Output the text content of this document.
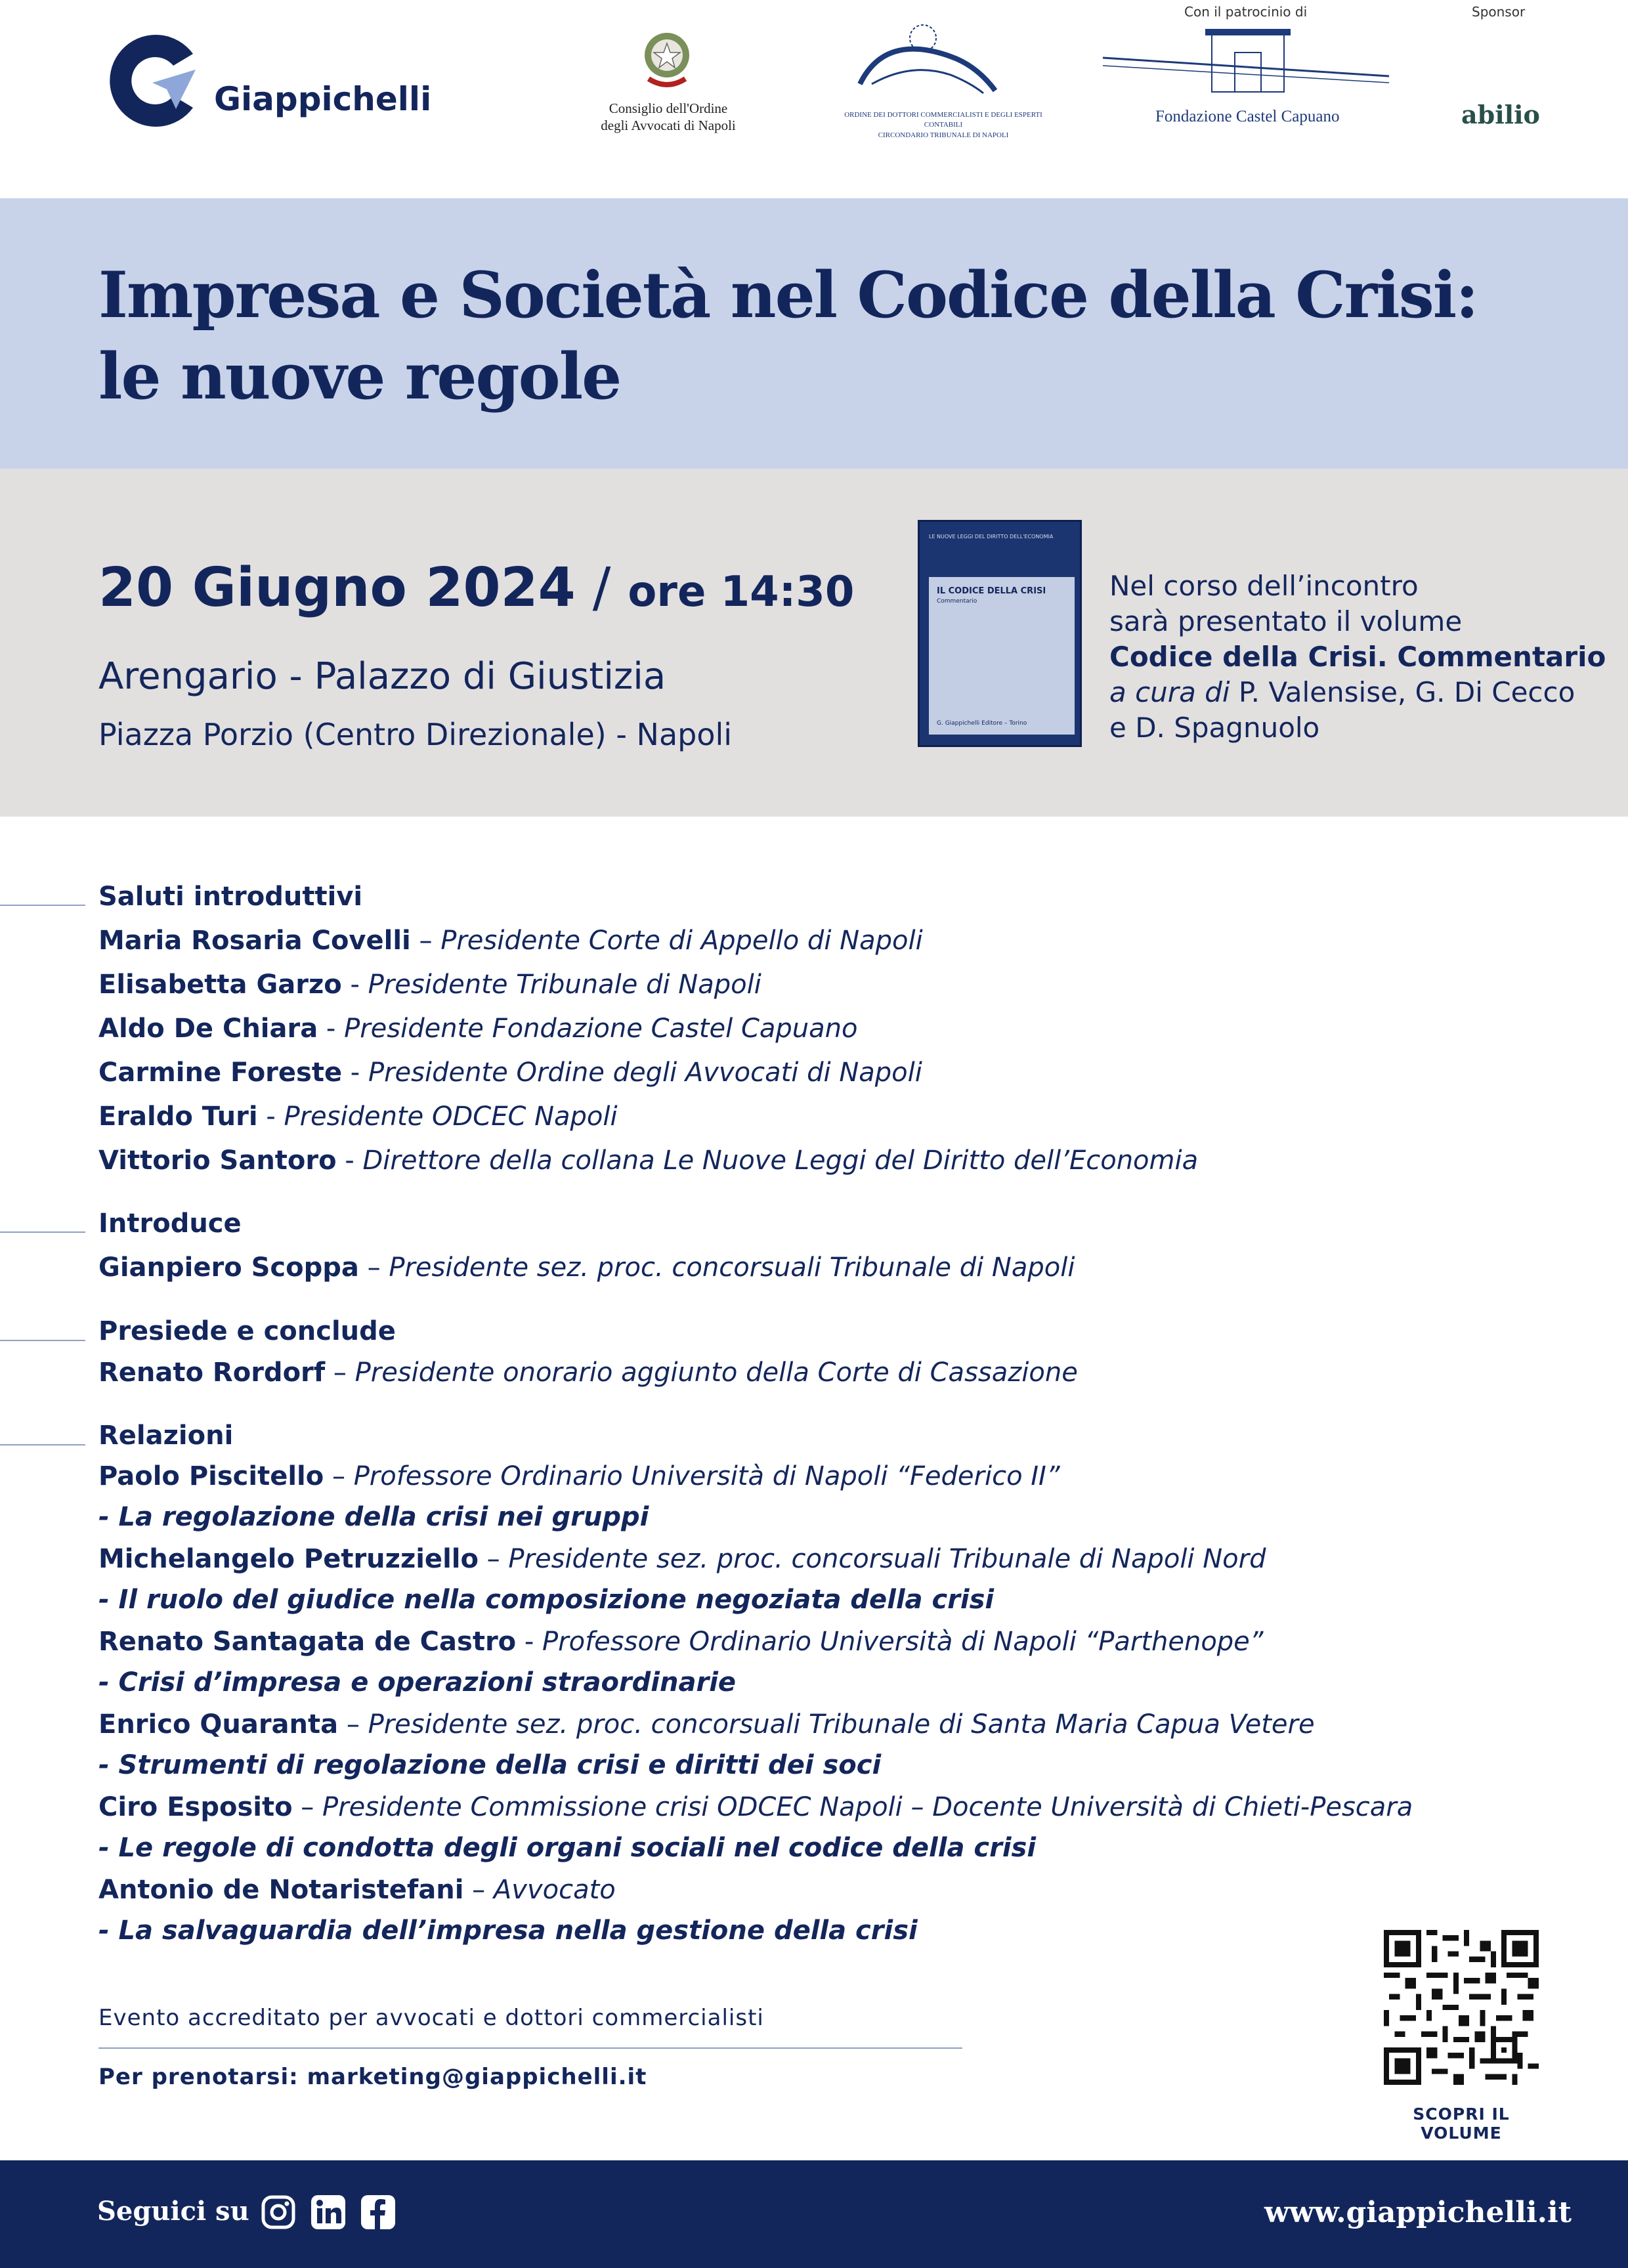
Giappichelli	Consiglio dell'Ordine
degli Avvocati di Napoli
ORDINE DEI DOTTORI COMMERCIALISTI E DEGLI ESPERTI CONTABILI
CIRCONDARIO TRIBUNALE DI NAPOLI
Con il patrocinio di
Fondazione Castel Capuano
Sponsor
abilio
Impresa e Società nel Codice della Crisi:
le nuove regole
20 Giugno 2024 / ore 14:30
Arengario - Palazzo di Giustizia
Piazza Porzio (Centro Direzionale) - Napoli
LE NUOVE LEGGI DEL DIRITTO DELL'ECONOMIA
IL CODICE DELLA CRISI
Commentario
G. Giappichelli Editore – Torino
Nel corso dell’incontro
sarà presentato il volume
Codice della Crisi. Commentario
a cura di P. Valensise, G. Di Cecco
e D. Spagnuolo
Saluti introduttivi
Maria Rosaria Covelli – Presidente Corte di Appello di Napoli
Elisabetta Garzo - Presidente Tribunale di Napoli
Aldo De Chiara - Presidente Fondazione Castel Capuano
Carmine Foreste - Presidente Ordine degli Avvocati di Napoli
Eraldo Turi - Presidente ODCEC Napoli
Vittorio Santoro - Direttore della collana Le Nuove Leggi del Diritto dell’Economia
Introduce
Gianpiero Scoppa – Presidente sez. proc. concorsuali Tribunale di Napoli
Presiede e conclude
Renato Rordorf – Presidente onorario aggiunto della Corte di Cassazione
Relazioni
Paolo Piscitello – Professore Ordinario Università di Napoli “Federico II”
- La regolazione della crisi nei gruppi
Michelangelo Petruzziello – Presidente sez. proc. concorsuali Tribunale di Napoli Nord
- Il ruolo del giudice nella composizione negoziata della crisi
Renato Santagata de Castro - Professore Ordinario Università di Napoli “Parthenope”
- Crisi d’impresa e operazioni straordinarie
Enrico Quaranta – Presidente sez. proc. concorsuali Tribunale di Santa Maria Capua Vetere
- Strumenti di regolazione della crisi e diritti dei soci
Ciro Esposito – Presidente Commissione crisi ODCEC Napoli – Docente Università di Chieti-Pescara
- Le regole di condotta degli organi sociali nel codice della crisi
Antonio de Notaristefani – Avvocato
- La salvaguardia dell’impresa nella gestione della crisi
Evento accreditato per avvocati e dottori commercialisti
Per prenotarsi: marketing@giappichelli.it
SCOPRI IL VOLUME
Seguici su	www.giappichelli.it
